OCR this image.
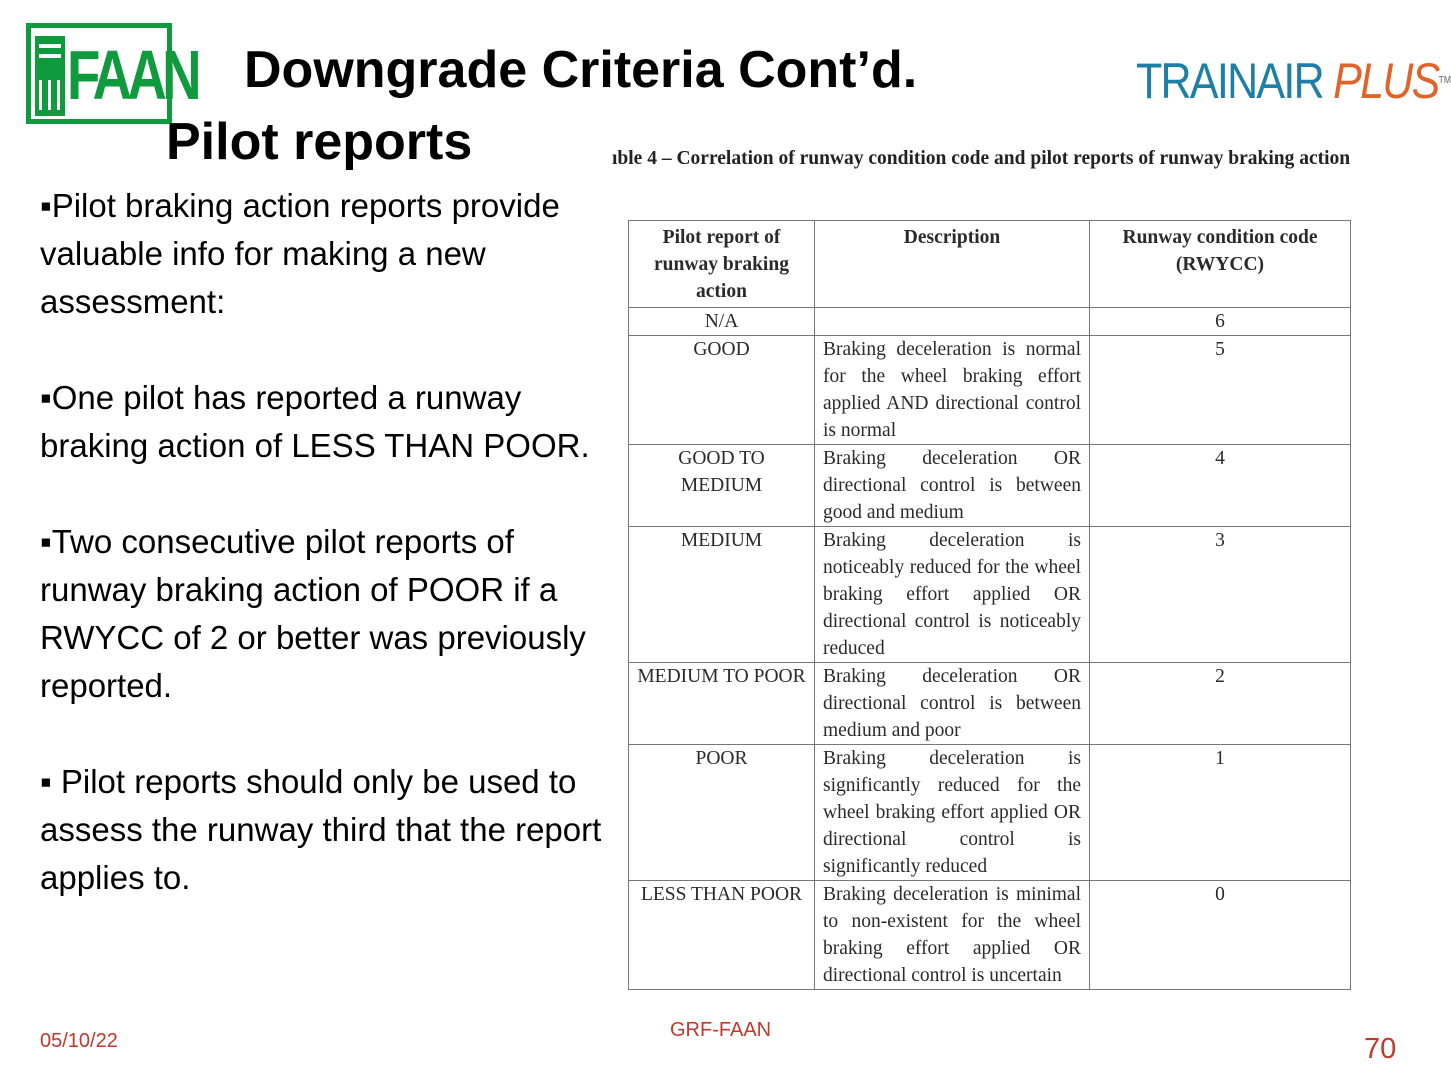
FAAN Downgrade Criteria Cont’d.
Pilot reports
TRAINAIR PLUS™
▪Pilot braking action reports provide valuable info for making a new assessment:
▪One pilot has reported a runway braking action of LESS THAN POOR.
▪Two consecutive pilot reports of runway braking action of POOR if a RWYCC of 2 or better was previously reported.
▪ Pilot reports should only be used to assess the runway third that the report applies to.
ıble 4 – Correlation of runway condition code and pilot reports of runway braking action
Pilot report of runway braking action	Description	Runway condition code (RWYCC)
N/A		6
GOOD	Braking deceleration is normal for the wheel braking effort applied AND directional control is normal	5
GOOD TO MEDIUM	Braking deceleration OR directional control is between good and medium	4
MEDIUM	Braking deceleration is noticeably reduced for the wheel braking effort applied OR directional control is noticeably reduced	3
MEDIUM TO POOR	Braking deceleration OR directional control is between medium and poor	2
POOR	Braking deceleration is significantly reduced for the wheel braking effort applied OR directional control is significantly reduced	1
LESS THAN POOR	Braking deceleration is minimal to non-existent for the wheel braking effort applied OR directional control is uncertain	0
05/10/22	GRF-FAAN
70
